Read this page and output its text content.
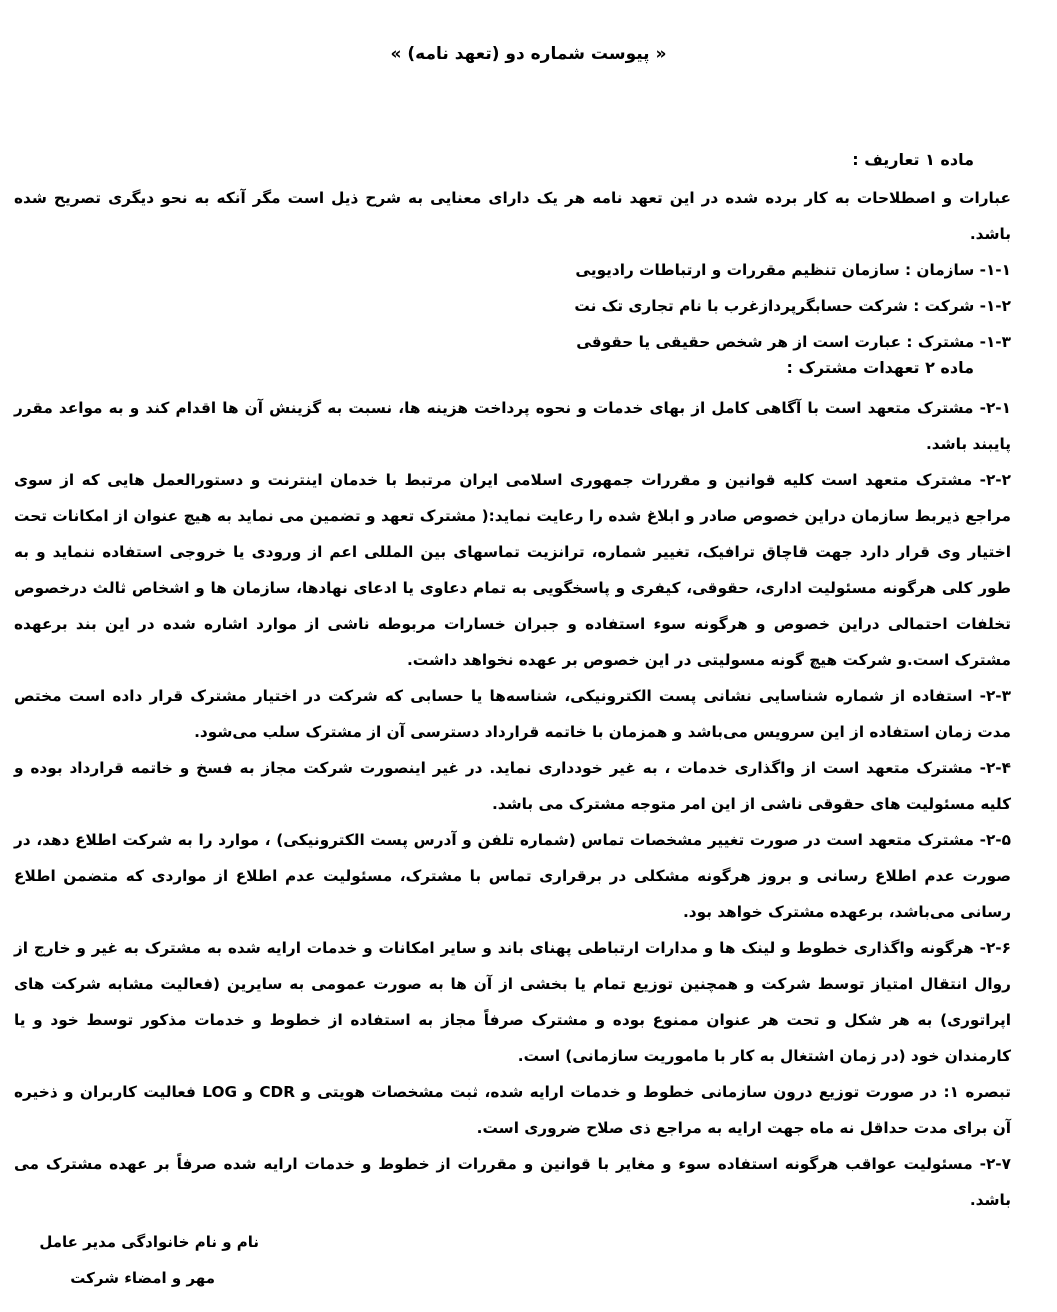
« پیوست شماره دو (تعهد نامه) »
ماده ۱ تعاریف :

عبارات و اصطلاحات به کار برده شده در این تعهد نامه هر یک دارای معنایی به شرح ذیل است مگر آنکه به نحو دیگری تصریح شده باشد.

۱-۱- سازمان : سازمان تنظیم مقررات و ارتباطات رادیویی

۱-۲- شرکت : شرکت حسابگرپردازغرب با نام تجاری تک نت

۱-۳- مشترک : عبارت است از هر شخص حقیقی یا حقوقی

ماده ۲ تعهدات مشترک :

۲-۱- مشترک متعهد است با آگاهی کامل از بهای خدمات و نحوه پرداخت هزینه ها، نسبت به گزینش آن ها اقدام کند و به مواعد مقرر پایبند باشد.

۲-۲- مشترک متعهد است کلیه قوانین و مقررات جمهوری اسلامی ایران مرتبط با خدمان اینترنت و دستورالعمل هایی که از سوی مراجع ذیربط سازمان دراین خصوص صادر و ابلاغ شده را رعایت نماید:( مشترک تعهد و تضمین می نماید به هیچ عنوان از امکانات تحت اختیار وی قرار دارد جهت قاچاق ترافیک، تغییر شماره، ترانزیت تماسهای بین المللی اعم از ورودی یا خروجی استفاده ننماید و به طور کلی هرگونه مسئولیت اداری، حقوقی، کیفری و پاسخگویی به تمام دعاوی یا ادعای نهادها، سازمان ها و اشخاص ثالث درخصوص تخلفات احتمالی دراین خصوص و هرگونه سوء استفاده و جبران خسارات مربوطه ناشی از موارد اشاره شده در این بند برعهده مشترک است.و شرکت هیچ گونه مسولیتی در این خصوص بر عهده نخواهد داشت.

۲-۳- استفاده از شماره شناسایی نشانی پست الکترونیکی، شناسه‌ها یا حسابی که شرکت در اختیار مشترک قرار داده است مختص مدت زمان استفاده از این سرویس می‌باشد و همزمان با خاتمه قرارداد دسترسی آن از مشترک سلب می‌شود.

۲-۴- مشترک متعهد است از واگذاری خدمات ، به غیر خودداری نماید. در غیر اینصورت شرکت مجاز به فسخ و خاتمه قرارداد بوده و کلیه مسئولیت های حقوقی ناشی از این امر متوجه مشترک می باشد.

۲-۵- مشترک متعهد است در صورت تغییر مشخصات تماس (شماره تلفن و آدرس پست الکترونیکی) ، موارد را به شرکت اطلاع دهد، در صورت عدم اطلاع رسانی و بروز هرگونه مشکلی در برقراری تماس با مشترک، مسئولیت عدم اطلاع از مواردی که متضمن اطلاع رسانی می‌باشد، برعهده مشترک خواهد بود.

۲-۶- هرگونه واگذاری خطوط و لینک ها و مدارات ارتباطی پهنای باند و سایر امکانات و خدمات ارایه شده به مشترک به غیر و خارج از روال انتقال امتیاز توسط شرکت و همچنین توزیع تمام یا بخشی از آن ها به صورت عمومی به سایرین (فعالیت مشابه شرکت های اپراتوری) به هر شکل و تحت هر عنوان ممنوع بوده و مشترک صرفاً مجاز به استفاده از خطوط و خدمات مذکور توسط خود و یا کارمندان خود (در زمان اشتغال به کار با ماموریت سازمانی) است.

تبصره ۱: در صورت توزیع درون سازمانی خطوط و خدمات ارایه شده، ثبت مشخصات هویتی و CDR و LOG فعالیت کاربران و ذخیره آن برای مدت حداقل نه ماه جهت ارایه به مراجع ذی صلاح ضروری است.

۲-۷- مسئولیت عواقب هرگونه استفاده سوء و مغایر با قوانین و مقررات از خطوط و خدمات ارایه شده صرفاً بر عهده مشترک می باشد.

نام و نام خانوادگی مدیر عامل
مهر و امضاء شرکت
